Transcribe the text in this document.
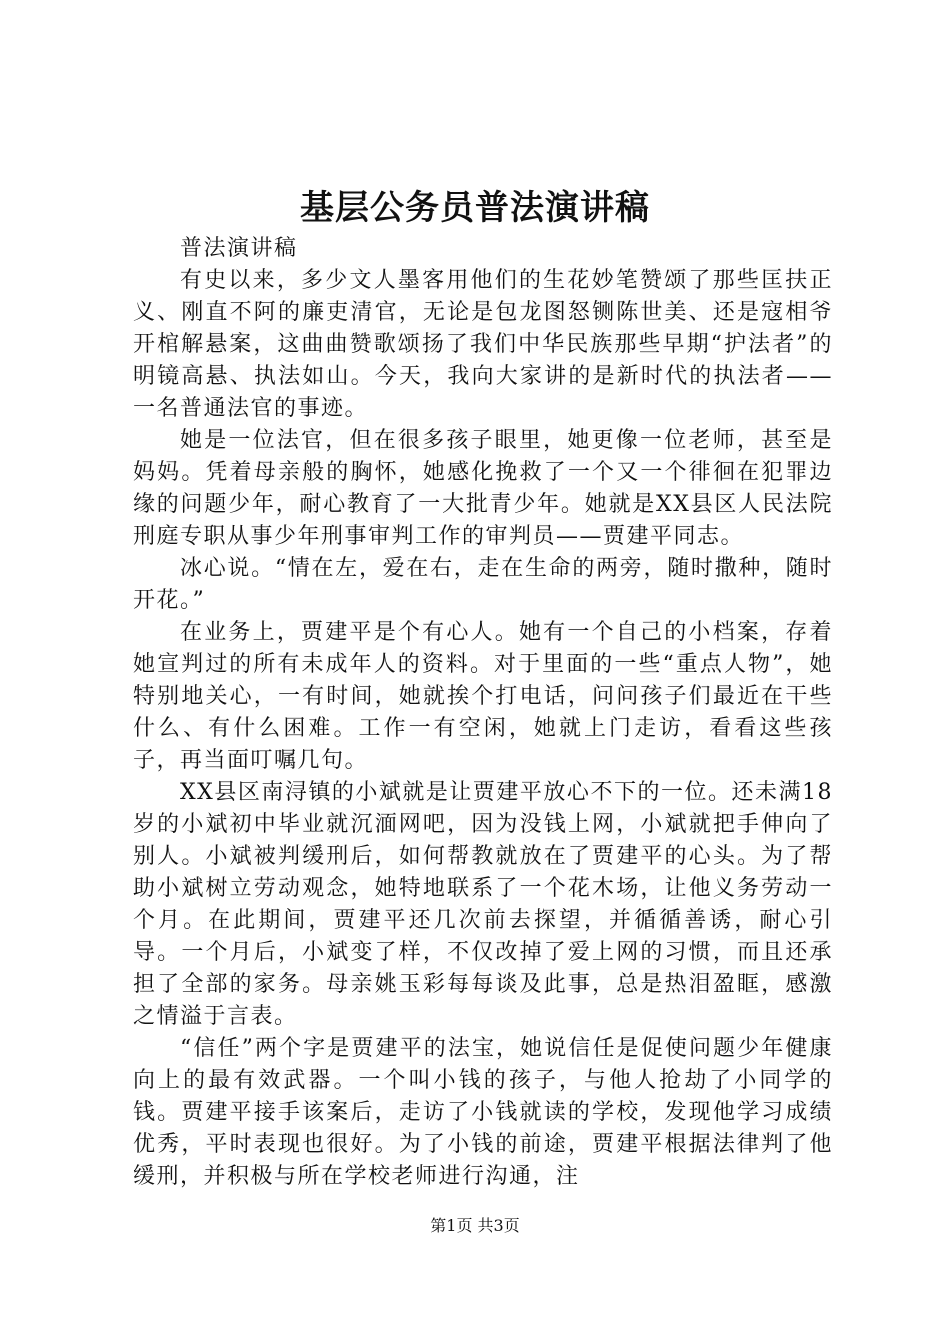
基层公务员普法演讲稿

普法演讲稿

有史以来，多少文人墨客用他们的生花妙笔赞颂了那些匡扶正义、刚直不阿的廉吏清官，无论是包龙图怒铡陈世美、还是寇相爷开棺解悬案，这曲曲赞歌颂扬了我们中华民族那些早期“护法者”的明镜高悬、执法如山。今天，我向大家讲的是新时代的执法者——一名普通法官的事迹。

她是一位法官，但在很多孩子眼里，她更像一位老师，甚至是妈妈。凭着母亲般的胸怀，她感化挽救了一个又一个徘徊在犯罪边缘的问题少年，耐心教育了一大批青少年。她就是XX县区人民法院刑庭专职从事少年刑事审判工作的审判员——贾建平同志。

冰心说。“情在左，爱在右，走在生命的两旁，随时撒种，随时开花。”

在业务上，贾建平是个有心人。她有一个自己的小档案，存着她宣判过的所有未成年人的资料。对于里面的一些“重点人物”，她特别地关心，一有时间，她就挨个打电话，问问孩子们最近在干些什么、有什么困难。工作一有空闲，她就上门走访，看看这些孩子，再当面叮嘱几句。

XX县区南浔镇的小斌就是让贾建平放心不下的一位。还未满18岁的小斌初中毕业就沉湎网吧，因为没钱上网，小斌就把手伸向了别人。小斌被判缓刑后，如何帮教就放在了贾建平的心头。为了帮助小斌树立劳动观念，她特地联系了一个花木场，让他义务劳动一个月。在此期间，贾建平还几次前去探望，并循循善诱，耐心引导。一个月后，小斌变了样，不仅改掉了爱上网的习惯，而且还承担了全部的家务。母亲姚玉彩每每谈及此事，总是热泪盈眶，感激之情溢于言表。

“信任”两个字是贾建平的法宝，她说信任是促使问题少年健康向上的最有效武器。一个叫小钱的孩子，与他人抢劫了小同学的钱。贾建平接手该案后，走访了小钱就读的学校，发现他学习成绩优秀，平时表现也很好。为了小钱的前途，贾建平根据法律判了他缓刑，并积极与所在学校老师进行沟通，注

第1页 共3页
